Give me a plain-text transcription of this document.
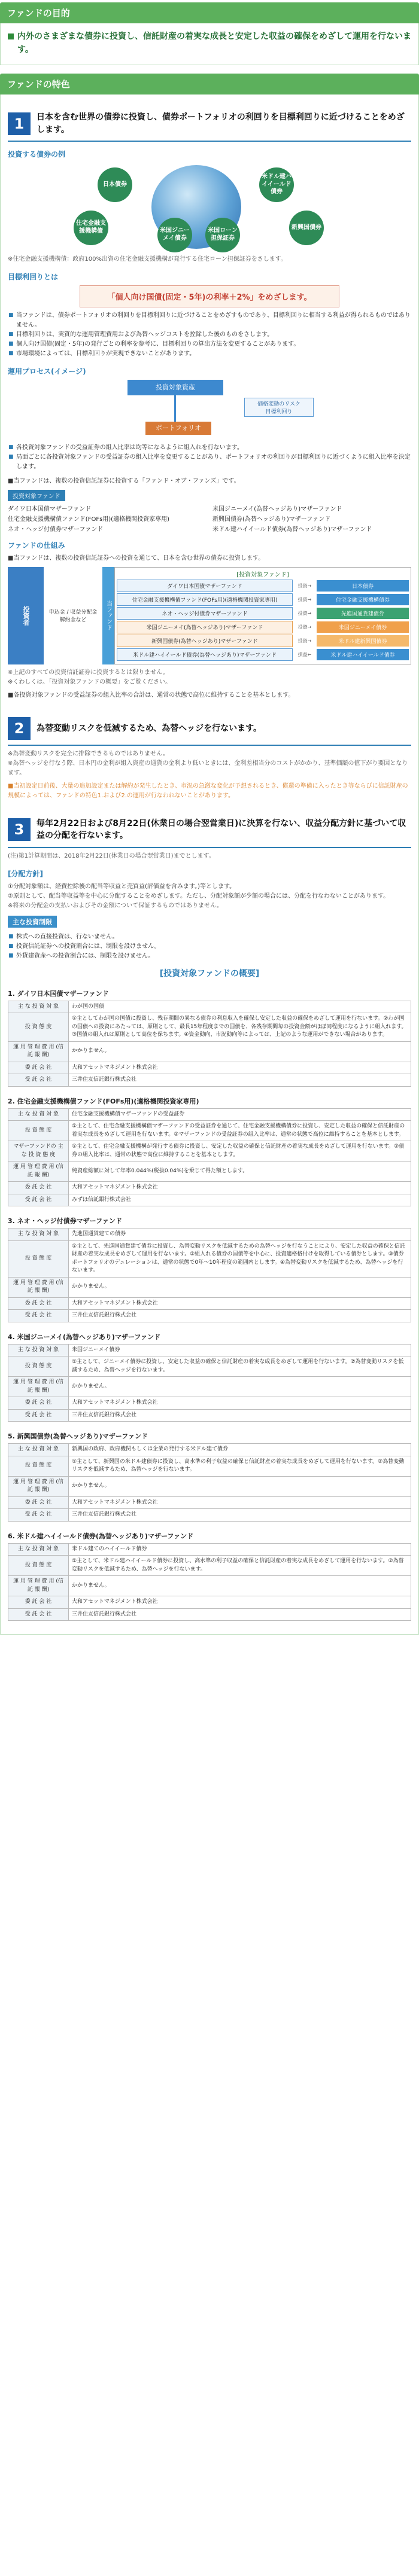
ファンドの目的
内外のさまざまな債券に投資し、信託財産の着実な成長と安定した収益の確保をめざして運用を行ないます。
ファンドの特色
1	日本を含む世界の債券に投資し、債券ポートフォリオの利回りを目標利回りに近づけることをめざします。
投資する債券の例
日本債券
米ドル建ハイイールド債券
住宅金融支援機構債
新興国債券
米国ジニーメイ債券
米国ローン担保証券
※住宅金融支援機構債：政府100%出資の住宅金融支援機構が発行する住宅ローン担保証券をさします。
目標利回りとは
「個人向け国債(固定・5年)の利率＋2%」をめざします。
■ 当ファンドは、債券ポートフォリオの利回りを目標利回りに近づけることをめざすものであり、目標利回りに相当する利益が得られるものではありません。
■ 目標利回りは、実質的な運用管理費用および為替ヘッジコストを控除した後のものをさします。
■ 個人向け国債(固定・5年)の発行ごとの利率を参考に、目標利回りの算出方法を変更することがあります。
■ 市場環境によっては、目標利回りが実現できないことがあります。
運用プロセス(イメージ)
投資対象資産
ポートフォリオ
価格変動のリスク
目標利回り
■ 各投資対象ファンドの受益証券の組入比率は均等になるように組入れを行ないます。
■ 局面ごとに各投資対象ファンドの受益証券の組入比率を変更することがあり、ポートフォリオの利回りが目標利回りに近づくように組入比率を決定します。
■当ファンドは、複数の投資信託証券に投資する「ファンド・オブ・ファンズ」です。
投資対象ファンド
ダイワ日本国債マザーファンド	米国ジニーメイ(為替ヘッジあり)マザーファンド
住宅金融支援機構債ファンド(FOFs用)(適格機関投資家専用)	新興国債券(為替ヘッジあり)マザーファンド
ネオ・ヘッジ付債券マザーファンド	米ドル建ハイイールド債券(為替ヘッジあり)マザーファンド
ファンドの仕組み
■当ファンドは、複数の投資信託証券への投資を通じて、日本を含む世界の債券に投資します。
投資者	申込金 / 収益分配金 解約金など	当ファンド
[投資対象ファンド]
ダイワ日本国債マザーファンド	投資→	日本債券
住宅金融支援機構債ファンド(FOFs用)(適格機関投資家専用)	投資→	住宅金融支援機構債券
ネオ・ヘッジ付債券マザーファンド	投資→	先進国通貨建債券
米国ジニーメイ(為替ヘッジあり)マザーファンド	投資→	米国ジニーメイ債券
新興国債券(為替ヘッジあり)マザーファンド	投資→	米ドル建新興国債券
米ドル建ハイイールド債券(為替ヘッジあり)マザーファンド	損益←	米ドル建ハイイールド債券
※上記のすべての投資信託証券に投資するとは限りません。
※くわしくは、「投資対象ファンドの概要」をご覧ください。
■各投資対象ファンドの受益証券の組入比率の合計は、通常の状態で高位に維持することを基本とします。
2	為替変動リスクを低減するため、為替ヘッジを行ないます。
※為替変動リスクを完全に排除できるものではありません。
※為替ヘッジを行なう際、日本円の金利が組入資産の通貨の金利より低いときには、金利差相当分のコストがかかり、基準価額の値下がり要因となります。
■当初設定日前後、大量の追加設定または解約が発生したとき、市況の急激な変化が予想されるとき、償還の準備に入ったとき等ならびに信託財産の規模によっては、ファンドの特色1.および2.の運用が行なわれないことがあります。
3	毎年2月22日および8月22日(休業日の場合翌営業日)に決算を行ない、収益分配方針に基づいて収益の分配を行ないます。
(注)第1計算期間は、2018年2月22日(休業日の場合翌営業日)までとします。
[分配方針]
①分配対象額は、経費控除後の配当等収益と売買益(評価益を含みます。)等とします。
②原則として、配当等収益等を中心に分配することをめざします。ただし、分配対象額が少額の場合には、分配を行なわないことがあります。
※将来の分配金の支払いおよびその金額について保証するものではありません。
主な投資制限
■ 株式への直接投資は、行ないません。
■ 投資信託証券への投資割合には、制限を設けません。
■ 外貨建資産への投資割合には、制限を設けません。
[投資対象ファンドの概要]
1. ダイワ日本国債マザーファンド
主 な 投 資 対 象	わが国の国債
投 資 態 度	①主としてわが国の国債に投資し、残存期間の異なる債券の利息収入を確保し安定した収益の確保をめざして運用を行ないます。②わが国の国債への投資にあたっては、原則として、最長15年程度までの国債を、各残存期間毎の投資金額がほぼ同程度になるように組入れます。③国債の組入れは原則として高位を保ちます。④資金動向、市況動向等によっては、上記のような運用ができない場合があります。
運 用 管 理 費 用 (信 託 報 酬)	かかりません。
委 託 会 社	大和アセットマネジメント株式会社
受 託 会 社	三井住友信託銀行株式会社
2. 住宅金融支援機構債ファンド(FOFs用)(適格機関投資家専用)
主 な 投 資 対 象	住宅金融支援機構債マザーファンドの受益証券
投 資 態 度	①主として、住宅金融支援機構債マザーファンドの受益証券を通じて、住宅金融支援機構債券に投資し、安定した収益の確保と信託財産の着実な成長をめざして運用を行ないます。②マザーファンドの受益証券の組入比率は、通常の状態で高位に維持することを基本とします。
マザーファンドの 主 な 投 資 態 度	①主として、住宅金融支援機構が発行する債券に投資し、安定した収益の確保と信託財産の着実な成長をめざして運用を行ないます。②債券の組入比率は、通常の状態で高位に維持することを基本とします。
運 用 管 理 費 用 (信 託 報 酬)	純資産総額に対して年率0.044%(税抜0.04%)を乗じて得た額とします。
委 託 会 社	大和アセットマネジメント株式会社
受 託 会 社	みずほ信託銀行株式会社
3. ネオ・ヘッジ付債券マザーファンド
主 な 投 資 対 象	先進国通貨建ての債券
投 資 態 度	①主として、先進国通貨建て債券に投資し、為替変動リスクを低減するための為替ヘッジを行なうことにより、安定した収益の確保と信託財産の着実な成長をめざして運用を行ないます。②組入れる債券の国債等を中心に、投資適格格付けを取得している債券とします。③債券ポートフォリオのデュレーションは、通常の状態で0年〜10年程度の範囲内とします。④為替変動リスクを低減するため、為替ヘッジを行ないます。
運 用 管 理 費 用 (信 託 報 酬)	かかりません。
委 託 会 社	大和アセットマネジメント株式会社
受 託 会 社	三井住友信託銀行株式会社
4. 米国ジニーメイ(為替ヘッジあり)マザーファンド
主 な 投 資 対 象	米国ジニーメイ債券
投 資 態 度	①主として、ジニーメイ債券に投資し、安定した収益の確保と信託財産の着実な成長をめざして運用を行ないます。②為替変動リスクを低減するため、為替ヘッジを行ないます。
運 用 管 理 費 用 (信 託 報 酬)	かかりません。
委 託 会 社	大和アセットマネジメント株式会社
受 託 会 社	三井住友信託銀行株式会社
5. 新興国債券(為替ヘッジあり)マザーファンド
主 な 投 資 対 象	新興国の政府、政府機関もしくは企業の発行する米ドル建て債券
投 資 態 度	①主として、新興国の米ドル建債券に投資し、高水準の利子収益の確保と信託財産の着実な成長をめざして運用を行ないます。②為替変動リスクを低減するため、為替ヘッジを行ないます。
運 用 管 理 費 用 (信 託 報 酬)	かかりません。
委 託 会 社	大和アセットマネジメント株式会社
受 託 会 社	三井住友信託銀行株式会社
6. 米ドル建ハイイールド債券(為替ヘッジあり)マザーファンド
主 な 投 資 対 象	米ドル建てのハイイールド債券
投 資 態 度	①主として、米ドル建ハイイールド債券に投資し、高水準の利子収益の確保と信託財産の着実な成長をめざして運用を行ないます。②為替変動リスクを低減するため、為替ヘッジを行ないます。
運 用 管 理 費 用 (信 託 報 酬)	かかりません。
委 託 会 社	大和アセットマネジメント株式会社
受 託 会 社	三井住友信託銀行株式会社
